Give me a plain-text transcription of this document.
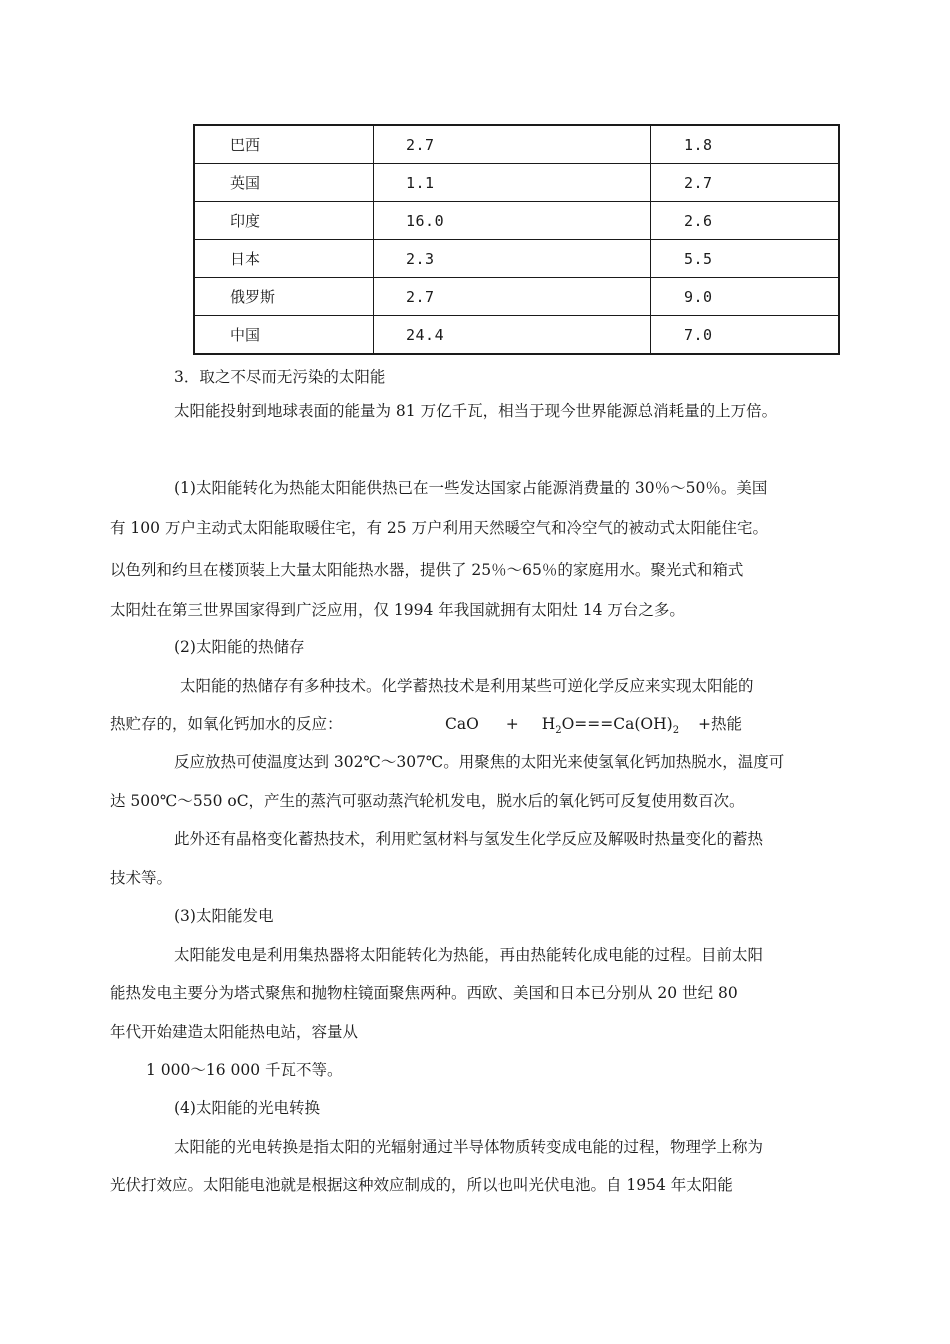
巴西	2.7	1.8
英国	1.1	2.7
印度	16.0	2.6
日本	2.3	5.5
俄罗斯	2.7	9.0
中国	24.4	7.0

3．取之不尽而无污染的太阳能

太阳能投射到地球表面的能量为 81 万亿千瓦，相当于现今世界能源总消耗量的上万倍。

(1)太阳能转化为热能太阳能供热已在一些发达国家占能源消费量的 30％～50％。美国

有 100 万户主动式太阳能取暖住宅，有 25 万户利用天然暖空气和冷空气的被动式太阳能住宅。

以色列和约旦在楼顶装上大量太阳能热水器，提供了 25％～65％的家庭用水。聚光式和箱式

太阳灶在第三世界国家得到广泛应用，仅 1994 年我国就拥有太阳灶 14 万台之多。

(2)太阳能的热储存

太阳能的热储存有多种技术。化学蓄热技术是利用某些可逆化学反应来实现太阳能的

热贮存的，如氧化钙加水的反应：	CaO + $H_2O===Ca(OH)_2$ +热能

反应放热可使温度达到 302℃～307℃。用聚焦的太阳光来使氢氧化钙加热脱水，温度可

达 500℃～550 oC，产生的蒸汽可驱动蒸汽轮机发电，脱水后的氧化钙可反复使用数百次。

此外还有晶格变化蓄热技术，利用贮氢材料与氢发生化学反应及解吸时热量变化的蓄热

技术等。

(3)太阳能发电

太阳能发电是利用集热器将太阳能转化为热能，再由热能转化成电能的过程。目前太阳

能热发电主要分为塔式聚焦和抛物柱镜面聚焦两种。西欧、美国和日本已分别从 20 世纪 80

年代开始建造太阳能热电站，容量从

1 000～16 000 千瓦不等。

(4)太阳能的光电转换

太阳能的光电转换是指太阳的光辐射通过半导体物质转变成电能的过程，物理学上称为

光伏打效应。太阳能电池就是根据这种效应制成的，所以也叫光伏电池。自 1954 年太阳能
